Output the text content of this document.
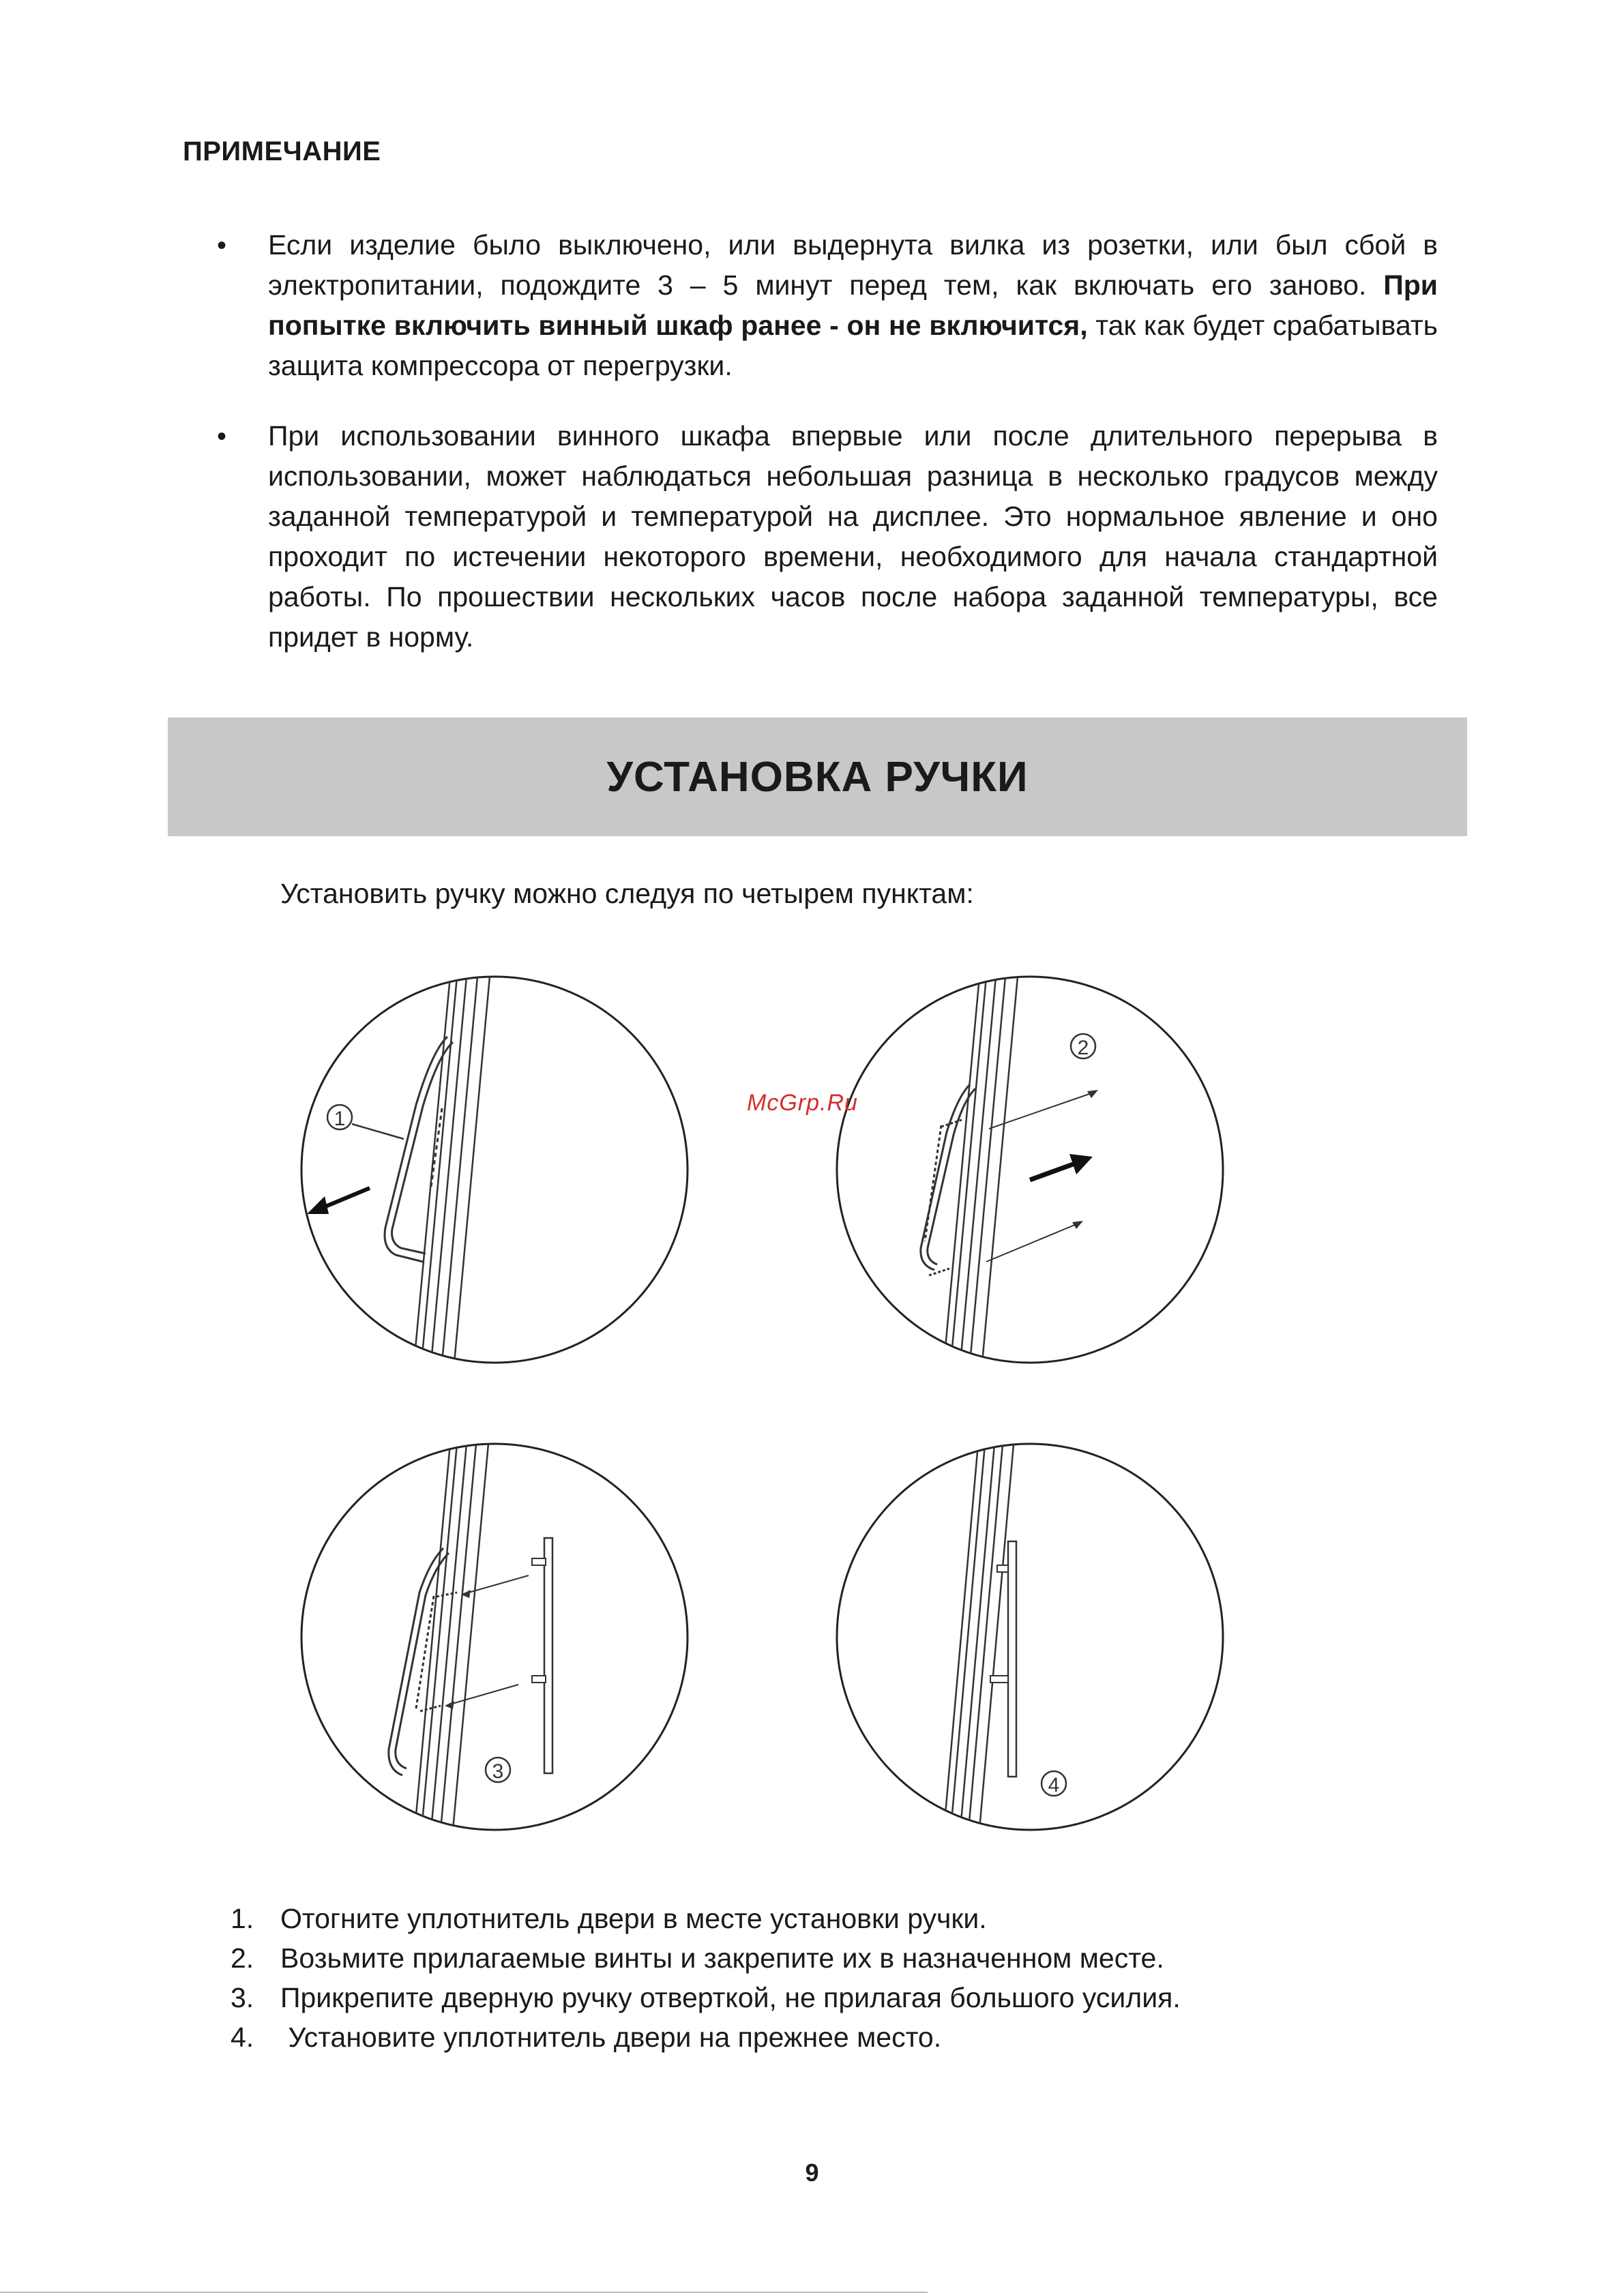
ПРИМЕЧАНИЕ
•	Если изделие было выключено, или выдернута вилка из розетки, или был сбой в электропитании, подождите 3 – 5 минут перед тем, как включать его заново. При попытке включить винный шкаф ранее - он не включится, так как будет срабатывать защита компрессора от перегрузки.
•	При использовании винного шкафа впервые или после длительного перерыва в использовании, может наблюдаться небольшая разница в несколько градусов между заданной температурой и температурой на дисплее. Это нормальное явление и оно проходит по истечении некоторого времени, необходимого для начала стандартной работы. По прошествии нескольких часов после набора заданной температуры, все придет в норму.
УСТАНОВКА РУЧКИ
Установить ручку можно следуя по четырем пунктам:
1
2
3
4
McGrp.Ru
1. Отогните уплотнитель двери в месте установки ручки.
2. Возьмите прилагаемые винты и закрепите их в назначенном месте.
3. Прикрепите дверную ручку отверткой, не прилагая большого усилия.
4. Установите уплотнитель двери на прежнее место.
9
